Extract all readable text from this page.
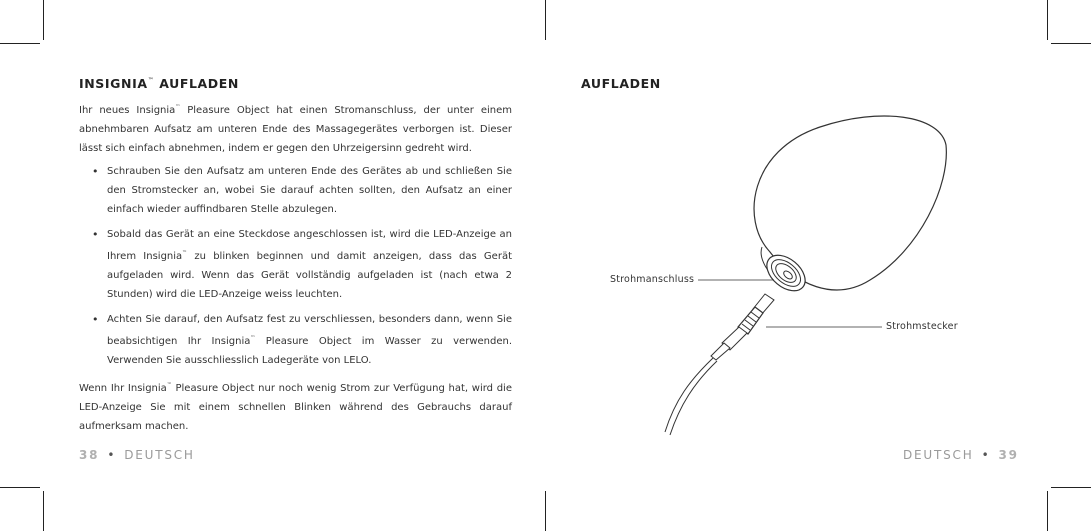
INSIGNIA™ AUFLADEN

Ihr neues Insignia™ Pleasure Object hat einen Stromanschluss, der unter einem abnehmbaren Aufsatz am unteren Ende des Massagegerätes verborgen ist. Dieser lässt sich einfach abnehmen, indem er gegen den Uhrzeigersinn gedreht wird.

• Schrauben Sie den Aufsatz am unteren Ende des Gerätes ab und schließen Sie den Stromstecker an, wobei Sie darauf achten sollten, den Aufsatz an einer einfach wieder auffindbaren Stelle abzulegen.
• Sobald das Gerät an eine Steckdose angeschlossen ist, wird die LED-Anzeige an Ihrem Insignia™ zu blinken beginnen und damit anzeigen, dass das Gerät aufgeladen wird. Wenn das Gerät vollständig aufgeladen ist (nach etwa 2 Stunden) wird die LED-Anzeige weiss leuchten.
• Achten Sie darauf, den Aufsatz fest zu verschliessen, besonders dann, wenn Sie beabsichtigen Ihr Insignia™ Pleasure Object im Wasser zu verwenden. Verwenden Sie ausschliesslich Ladegeräte von LELO.

Wenn Ihr Insignia™ Pleasure Object nur noch wenig Strom zur Verfügung hat, wird die LED-Anzeige Sie mit einem schnellen Blinken während des Gebrauchs darauf aufmerksam machen.

38 • DEUTSCH
AUFLADEN
Strohmanschluss
Strohmstecker
DEUTSCH • 39
